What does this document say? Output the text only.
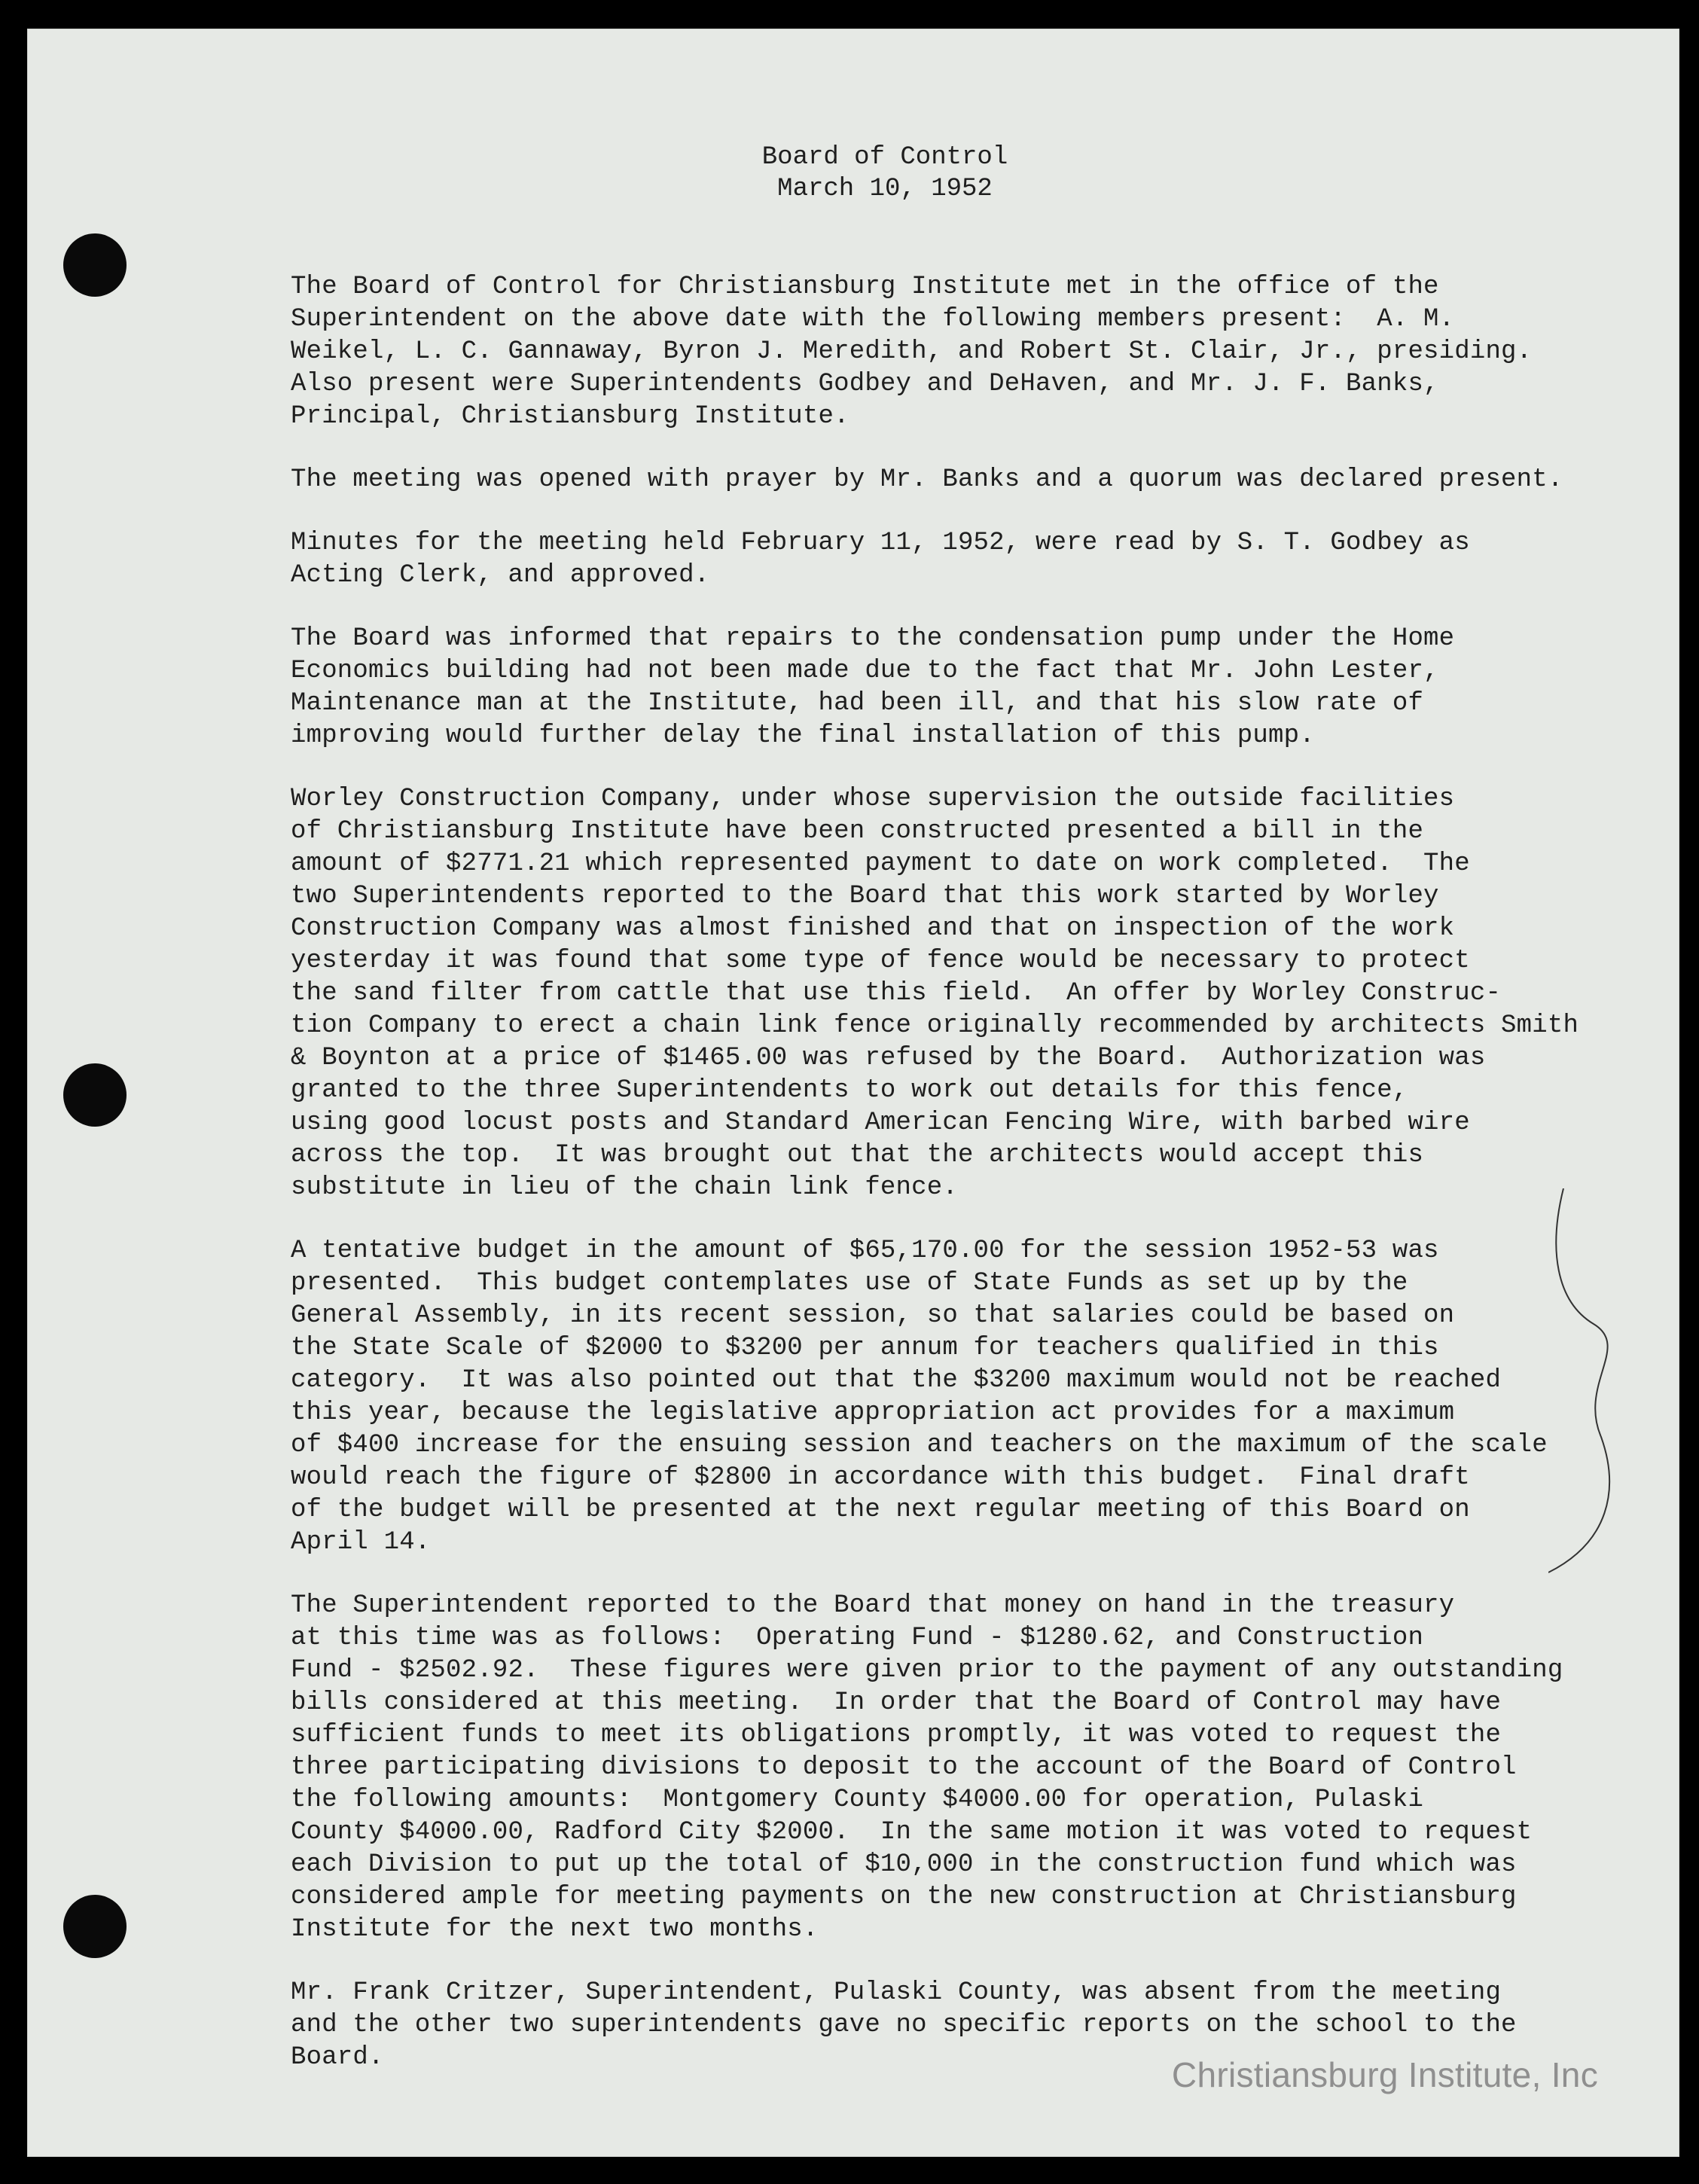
Board of Control
March 10, 1952
The Board of Control for Christiansburg Institute met in the office of the
Superintendent on the above date with the following members present:  A. M.
Weikel, L. C. Gannaway, Byron J. Meredith, and Robert St. Clair, Jr., presiding.
Also present were Superintendents Godbey and DeHaven, and Mr. J. F. Banks,
Principal, Christiansburg Institute.
The meeting was opened with prayer by Mr. Banks and a quorum was declared present.
Minutes for the meeting held February 11, 1952, were read by S. T. Godbey as
Acting Clerk, and approved.
The Board was informed that repairs to the condensation pump under the Home
Economics building had not been made due to the fact that Mr. John Lester,
Maintenance man at the Institute, had been ill, and that his slow rate of
improving would further delay the final installation of this pump.
Worley Construction Company, under whose supervision the outside facilities
of Christiansburg Institute have been constructed presented a bill in the
amount of $2771.21 which represented payment to date on work completed.  The
two Superintendents reported to the Board that this work started by Worley
Construction Company was almost finished and that on inspection of the work
yesterday it was found that some type of fence would be necessary to protect
the sand filter from cattle that use this field.  An offer by Worley Construc-
tion Company to erect a chain link fence originally recommended by architects Smith
& Boynton at a price of $1465.00 was refused by the Board.  Authorization was
granted to the three Superintendents to work out details for this fence,
using good locust posts and Standard American Fencing Wire, with barbed wire
across the top.  It was brought out that the architects would accept this
substitute in lieu of the chain link fence.
A tentative budget in the amount of $65,170.00 for the session 1952-53 was
presented.  This budget contemplates use of State Funds as set up by the
General Assembly, in its recent session, so that salaries could be based on
the State Scale of $2000 to $3200 per annum for teachers qualified in this
category.  It was also pointed out that the $3200 maximum would not be reached
this year, because the legislative appropriation act provides for a maximum
of $400 increase for the ensuing session and teachers on the maximum of the scale
would reach the figure of $2800 in accordance with this budget.  Final draft
of the budget will be presented at the next regular meeting of this Board on
April 14.
The Superintendent reported to the Board that money on hand in the treasury
at this time was as follows:  Operating Fund - $1280.62, and Construction
Fund - $2502.92.  These figures were given prior to the payment of any outstanding
bills considered at this meeting.  In order that the Board of Control may have
sufficient funds to meet its obligations promptly, it was voted to request the
three participating divisions to deposit to the account of the Board of Control
the following amounts:  Montgomery County $4000.00 for operation, Pulaski
County $4000.00, Radford City $2000.  In the same motion it was voted to request
each Division to put up the total of $10,000 in the construction fund which was
considered ample for meeting payments on the new construction at Christiansburg
Institute for the next two months.
Mr. Frank Critzer, Superintendent, Pulaski County, was absent from the meeting
and the other two superintendents gave no specific reports on the school to the
Board.	Christiansburg Institute, Inc
